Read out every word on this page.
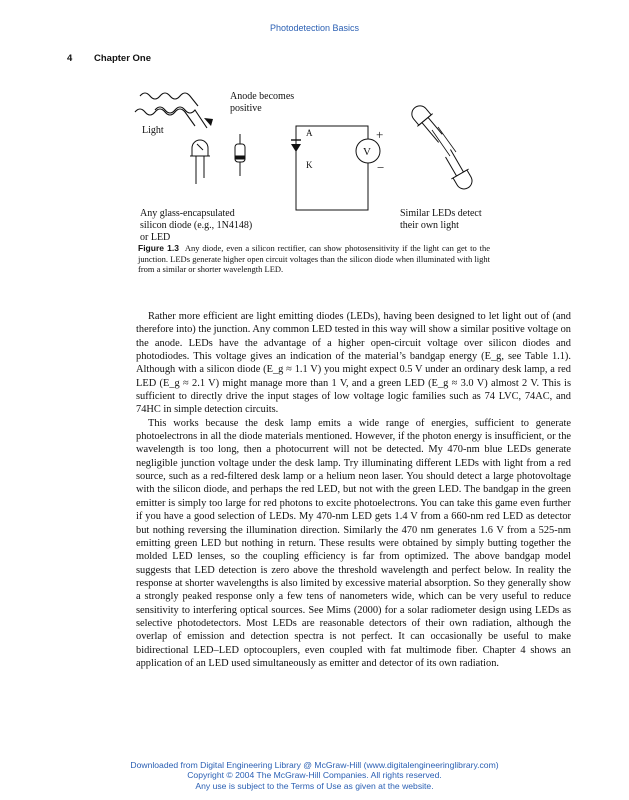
Photodetection Basics
4 Chapter One
Light
Anode becomes
positive
A
K
V
+
−
Any glass-encapsulated
silicon diode (e.g., 1N4148)
or LED
Similar LEDs detect
their own light
Figure 1.3 Any diode, even a silicon rectifier, can show photosensitivity if the light can get to the junction. LEDs generate higher open circuit voltages than the silicon diode when illuminated with light from a similar or shorter wavelength LED.

Rather more efficient are light emitting diodes (LEDs), having been designed to let light out of (and therefore into) the junction. Any common LED tested in this way will show a similar positive voltage on the anode. LEDs have the advantage of a higher open-circuit voltage over silicon diodes and photodiodes. This voltage gives an indication of the material’s bandgap energy (E_g, see Table 1.1). Although with a silicon diode (E_g ≈ 1.1 V) you might expect 0.5 V under an ordinary desk lamp, a red LED (E_g ≈ 2.1 V) might manage more than 1 V, and a green LED (E_g ≈ 3.0 V) almost 2 V. This is sufficient to directly drive the input stages of low voltage logic families such as 74 LVC, 74AC, and 74HC in simple detection circuits.

This works because the desk lamp emits a wide range of energies, sufficient to generate photoelectrons in all the diode materials mentioned. However, if the photon energy is insufficient, or the wavelength is too long, then a photocurrent will not be detected. My 470-nm blue LEDs generate negligible junction voltage under the desk lamp. Try illuminating different LEDs with light from a red source, such as a red-filtered desk lamp or a helium neon laser. You should detect a large photovoltage with the silicon diode, and perhaps the red LED, but not with the green LED. The bandgap in the green emitter is simply too large for red photons to excite photoelectrons. You can take this game even further if you have a good selection of LEDs. My 470-nm LED gets 1.4 V from a 660-nm red LED as detector but nothing reversing the illumination direction. Similarly the 470 nm generates 1.6 V from a 525-nm emitting green LED but nothing in return. These results were obtained by simply butting together the molded LED lenses, so the coupling efficiency is far from optimized. The above bandgap model suggests that LED detection is zero above the threshold wavelength and perfect below. In reality the response at shorter wavelengths is also limited by excessive material absorption. So they generally show a strongly peaked response only a few tens of nanometers wide, which can be very useful to reduce sensitivity to interfering optical sources. See Mims (2000) for a solar radiometer design using LEDs as selective photodetectors. Most LEDs are reasonable detectors of their own radiation, although the overlap of emission and detection spectra is not perfect. It can occasionally be useful to make bidirectional LED–LED optocouplers, even coupled with fat multimode fiber. Chapter 4 shows an application of an LED used simultaneously as emitter and detector of its own radiation.

Downloaded from Digital Engineering Library @ McGraw-Hill (www.digitalengineeringlibrary.com)
Copyright © 2004 The McGraw-Hill Companies. All rights reserved.
Any use is subject to the Terms of Use as given at the website.
